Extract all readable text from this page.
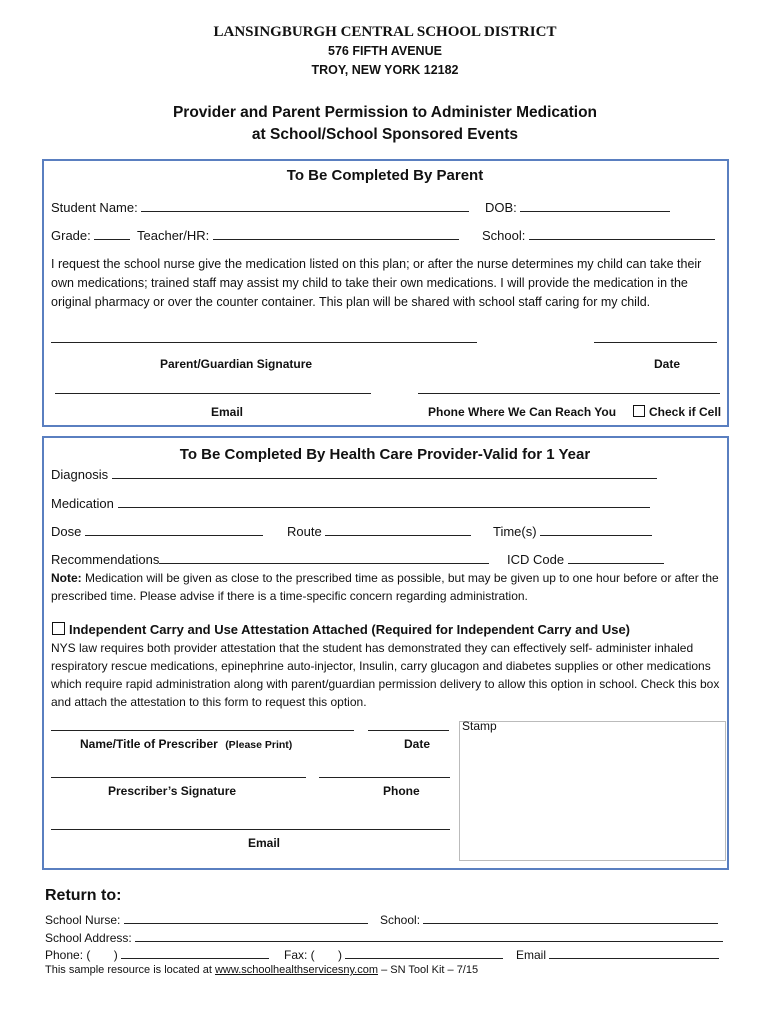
LANSINGBURGH CENTRAL SCHOOL DISTRICT
576 FIFTH AVENUE
TROY, NEW YORK 12182
Provider and Parent Permission to Administer Medication
at School/School Sponsored Events
To Be Completed By Parent
Student Name:	DOB:
Grade:	Teacher/HR:	School:
I request the school nurse give the medication listed on this plan; or after the nurse determines my child can take their own medications; trained staff may assist my child to take their own medications. I will provide the medication in the original pharmacy or over the counter container. This plan will be shared with school staff caring for my child.
Parent/Guardian Signature	Date
Email	Phone Where We Can Reach You	Check if Cell
To Be Completed By Health Care Provider-Valid for 1 Year
Diagnosis
Medication
Dose	Route	Time(s)
Recommendations	ICD Code
Note: Medication will be given as close to the prescribed time as possible, but may be given up to one hour before or after the prescribed time. Please advise if there is a time-specific concern regarding administration.
Independent Carry and Use Attestation Attached (Required for Independent Carry and Use)
NYS law requires both provider attestation that the student has demonstrated they can effectively self- administer inhaled respiratory rescue medications, epinephrine auto-injector, Insulin, carry glucagon and diabetes supplies or other medications which require rapid administration along with parent/guardian permission delivery to allow this option in school. Check this box and attach the attestation to this form to request this option.
Stamp
Name/Title of Prescriber (Please Print)	Date
Prescriber’s Signature	Phone
Email
Return to:
School Nurse:	School:
School Address:
Phone: ( )	Fax: ( )	Email
This sample resource is located at www.schoolhealthservicesny.com – SN Tool Kit – 7/15
